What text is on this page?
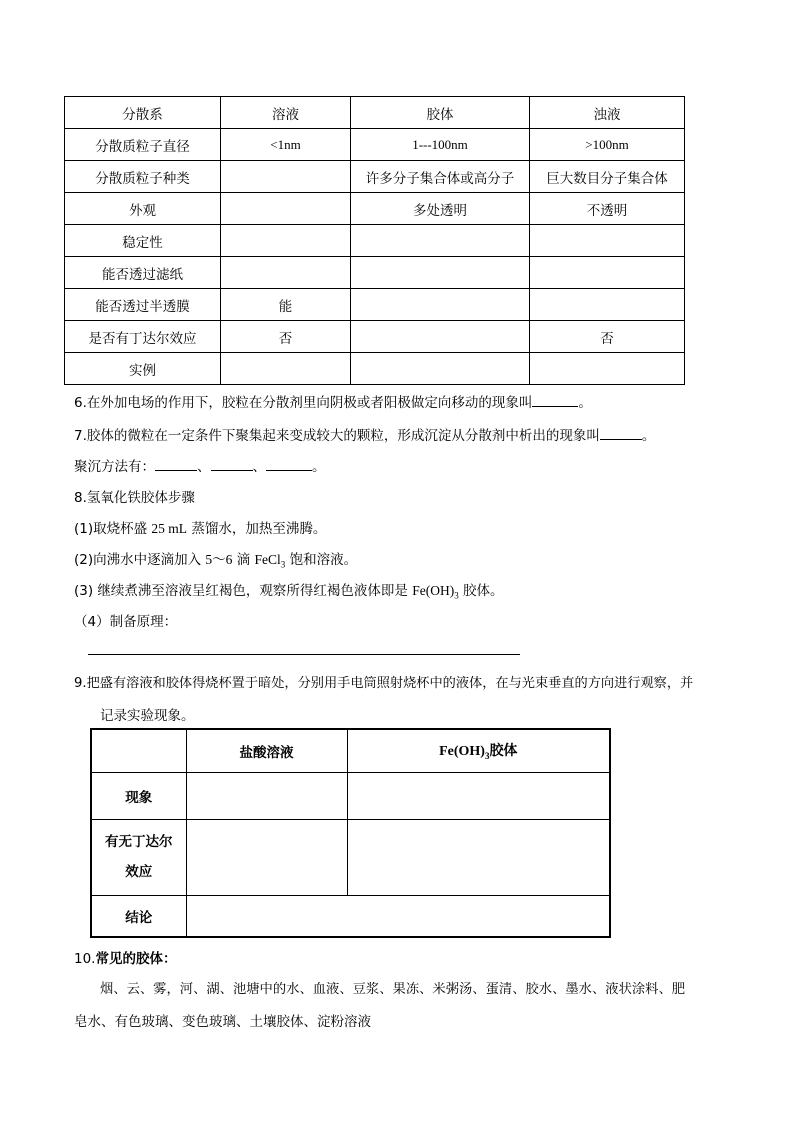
分散系	溶液	胶体	浊液
分散质粒子直径	<1nm	1---100nm	>100nm
分散质粒子种类		许多分子集合体或高分子	巨大数目分子集合体
外观		多处透明	不透明
稳定性			
能否透过滤纸			
能否透过半透膜	能		
是否有丁达尔效应	否		否
实例			
6.在外加电场的作用下，胶粒在分散剂里向阴极或者阳极做定向移动的现象叫	。
7.胶体的微粒在一定条件下聚集起来变成较大的颗粒，形成沉淀从分散剂中析出的现象叫	。
聚沉方法有：	、	、	。
8.氢氧化铁胶体步骤
(1)取烧杯盛 25 mL 蒸馏水，加热至沸腾。
(2)向沸水中逐滴加入 5～6 滴 FeCl$_3$ 饱和溶液。
(3) 继续煮沸至溶液呈红褐色，观察所得红褐色液体即是 $Fe(OH)_3$ 胶体。
（4）制备原理：
9.把盛有溶液和胶体得烧杯置于暗处，分别用手电筒照射烧杯中的液体，在与光束垂直的方向进行观察，并
记录实验现象。
	盐酸溶液	$Fe(OH)_3$胶体
现象		
有无丁达尔
效应		
结论		
10.常见的胶体：
烟、云、雾，河、湖、池塘中的水、血液、豆浆、果冻、米粥汤、蛋清、胶水、墨水、液状涂料、肥
皂水、有色玻璃、变色玻璃、土壤胶体、淀粉溶液
